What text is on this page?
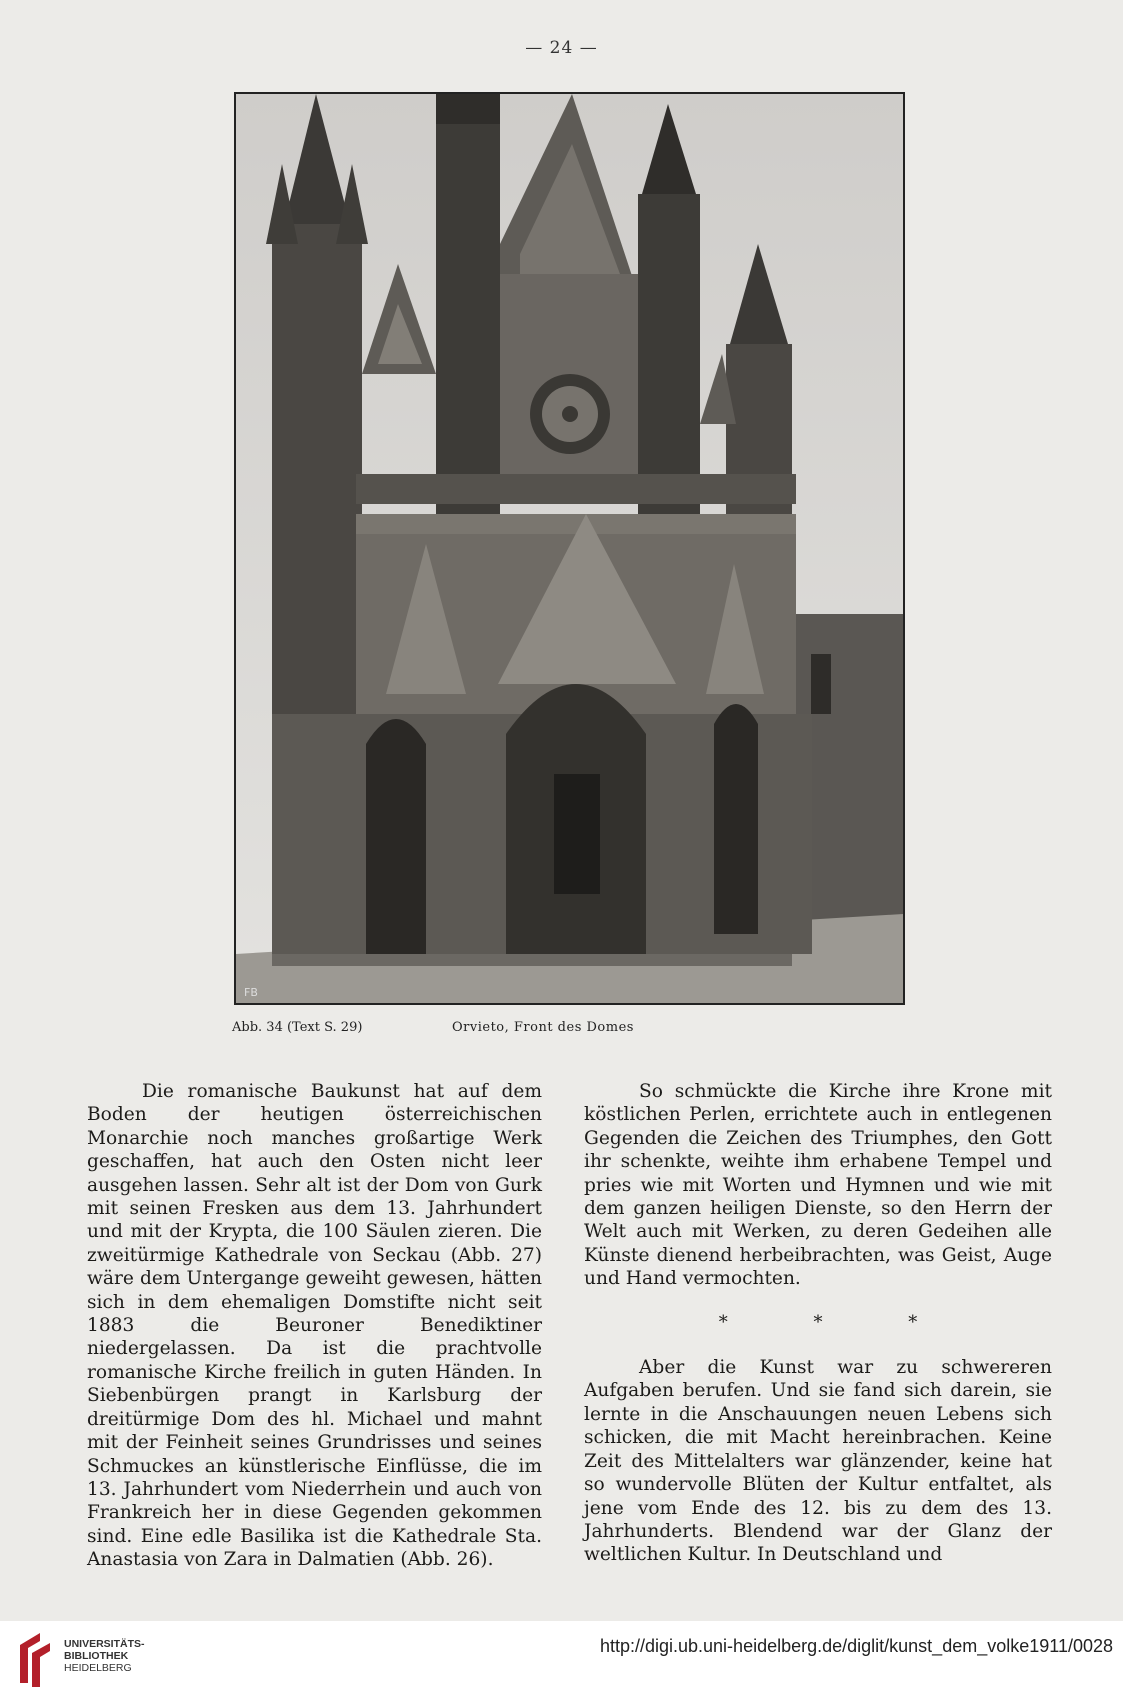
— 24 —
FB
Abb. 34 (Text S. 29)	Orvieto, Front des Domes

Die romanische Baukunst hat auf dem Boden der heutigen österreichischen Monarchie noch manches großartige Werk geschaffen, hat auch den Osten nicht leer ausgehen lassen. Sehr alt ist der Dom von Gurk mit seinen Fresken aus dem 13. Jahrhundert und mit der Krypta, die 100 Säulen zieren. Die zweitürmige Kathedrale von Seckau (Abb. 27) wäre dem Untergange geweiht gewesen, hätten sich in dem ehemaligen Domstifte nicht seit 1883 die Beuroner Benediktiner niedergelassen. Da ist die prachtvolle romanische Kirche freilich in guten Händen. In Siebenbürgen prangt in Karlsburg der dreitürmige Dom des hl. Michael und mahnt mit der Feinheit seines Grundrisses und seines Schmuckes an künstlerische Einflüsse, die im 13. Jahrhundert vom Niederrhein und auch von Frankreich her in diese Gegenden gekommen sind. Eine edle Basilika ist die Kathedrale Sta. Anastasia von Zara in Dalmatien (Abb. 26).

So schmückte die Kirche ihre Krone mit köstlichen Perlen, errichtete auch in entlegenen Gegenden die Zeichen des Triumphes, den Gott ihr schenkte, weihte ihm erhabene Tempel und pries wie mit Worten und Hymnen und wie mit dem ganzen heiligen Dienste, so den Herrn der Welt auch mit Werken, zu deren Gedeihen alle Künste dienend herbeibrachten, was Geist, Auge und Hand vermochten.

* * *

Aber die Kunst war zu schwereren Aufgaben berufen. Und sie fand sich darein, sie lernte in die Anschauungen neuen Lebens sich schicken, die mit Macht hereinbrachen. Keine Zeit des Mittelalters war glänzender, keine hat so wundervolle Blüten der Kultur entfaltet, als jene vom Ende des 12. bis zu dem des 13. Jahrhunderts. Blendend war der Glanz der weltlichen Kultur. In Deutschland und

UNIVERSITÄTS-
BIBLIOTHEK
HEIDELBERG
http://digi.ub.uni-heidelberg.de/diglit/kunst_dem_volke1911/0028
